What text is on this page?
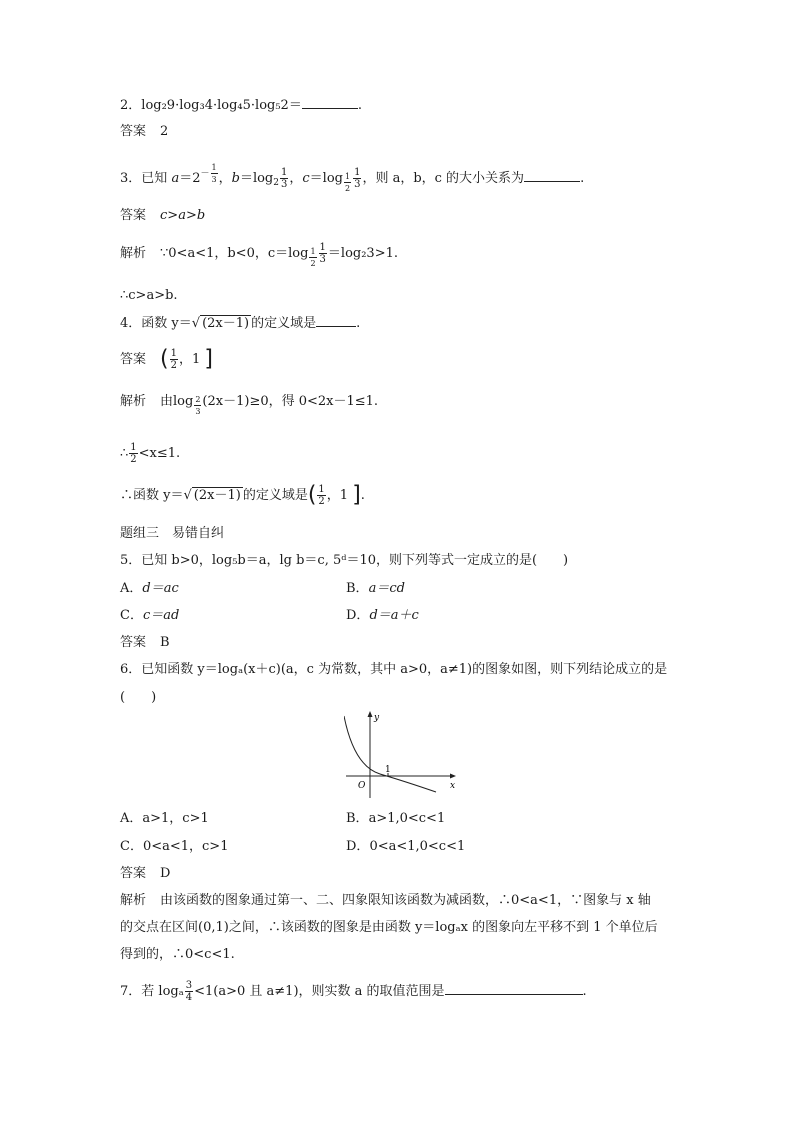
2．log₂9·log₃4·log₄5·log₅2＝	.
答案 2
3．已知 $a=2^{- \frac{1}{3}}$ ，$b=\log_2 \frac{1}{3}$ ，c＝log $_{\frac{1}{2}} \frac{1}{3}$ ，则 a，b，c 的大小关系为	.
答案 c>a>b
解析 ∵0<a<1，b<0，c＝log $_{\frac{1}{2}} \frac{1}{3} =\log_23>1$.
∴c>a>b.
4．函数 y＝√ (2x－1) 的定义域是	.
答案 ( $\frac{1}{2}$ ，1 ]
解析 由log $_{\frac{2}{3}}$ (2x－1)≥0，得 0<2x－1≤1.
∴ $\frac{1}{2} <x\le 1$.
∴函数 y＝√ (2x－1) 的定义域是( $\frac{1}{2}$ ，1 ].
题组三　易错自纠
5．已知 b>0，log₅b＝a，lg b＝c, 5ᵈ＝10，则下列等式一定成立的是(　　)
A．d＝ac	B．a＝cd
C．c＝ad	D．d＝a＋c
答案 B
6．已知函数 y＝logₐ(x＋c)(a，c 为常数，其中 a>0，a≠1)的图象如图，则下列结论成立的是
(　　)
y
x
O
1
A．a>1，c>1	B．a>1,0<c<1
C．0<a<1，c>1	D．0<a<1,0<c<1
答案 D
解析 由该函数的图象通过第一、二、四象限知该函数为减函数，∴0<a<1，∵图象与 x 轴
的交点在区间(0,1)之间，∴该函数的图象是由函数 y＝logₐx 的图象向左平移不到 1 个单位后
得到的，∴0<c<1.
7．若 logₐ $\frac{3}{4} <1(a>0$ 且 a≠1)，则实数 a 的取值范围是	.
